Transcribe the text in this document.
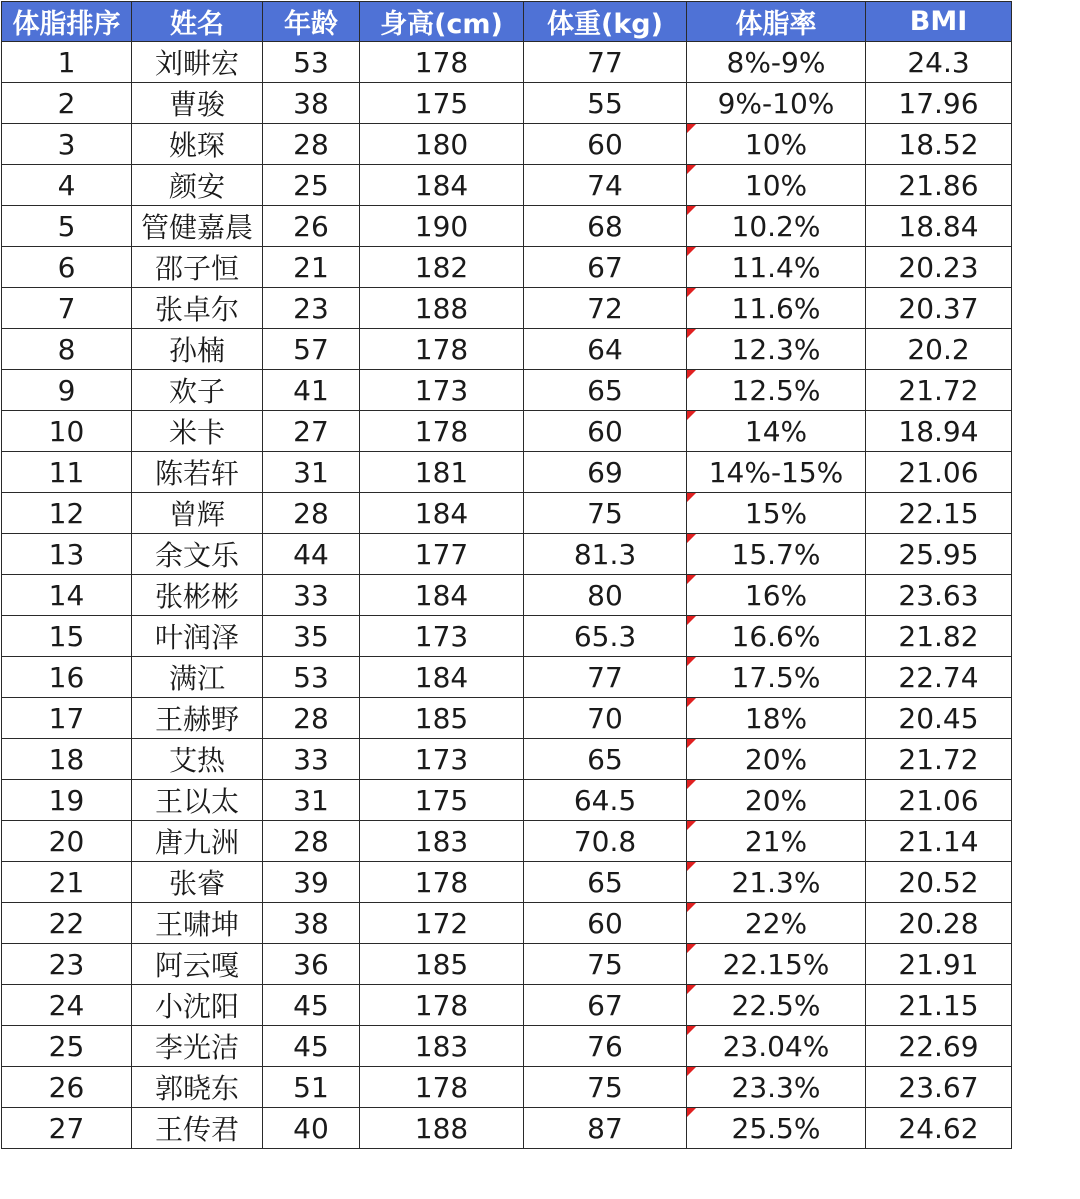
体脂排序	姓名	年龄	身高(cm)	体重(kg)	体脂率	BMI
1	刘畊宏	53	178	77	8%-9%	24.3
2	曹骏	38	175	55	9%-10%	17.96
3	姚琛	28	180	60	10%	18.52
4	颜安	25	184	74	10%	21.86
5	管健嘉晨	26	190	68	10.2%	18.84
6	邵子恒	21	182	67	11.4%	20.23
7	张卓尔	23	188	72	11.6%	20.37
8	孙楠	57	178	64	12.3%	20.2
9	欢子	41	173	65	12.5%	21.72
10	米卡	27	178	60	14%	18.94
11	陈若轩	31	181	69	14%-15%	21.06
12	曾辉	28	184	75	15%	22.15
13	余文乐	44	177	81.3	15.7%	25.95
14	张彬彬	33	184	80	16%	23.63
15	叶润泽	35	173	65.3	16.6%	21.82
16	满江	53	184	77	17.5%	22.74
17	王赫野	28	185	70	18%	20.45
18	艾热	33	173	65	20%	21.72
19	王以太	31	175	64.5	20%	21.06
20	唐九洲	28	183	70.8	21%	21.14
21	张睿	39	178	65	21.3%	20.52
22	王啸坤	38	172	60	22%	20.28
23	阿云嘎	36	185	75	22.15%	21.91
24	小沈阳	45	178	67	22.5%	21.15
25	李光洁	45	183	76	23.04%	22.69
26	郭晓东	51	178	75	23.3%	23.67
27	王传君	40	188	87	25.5%	24.62
